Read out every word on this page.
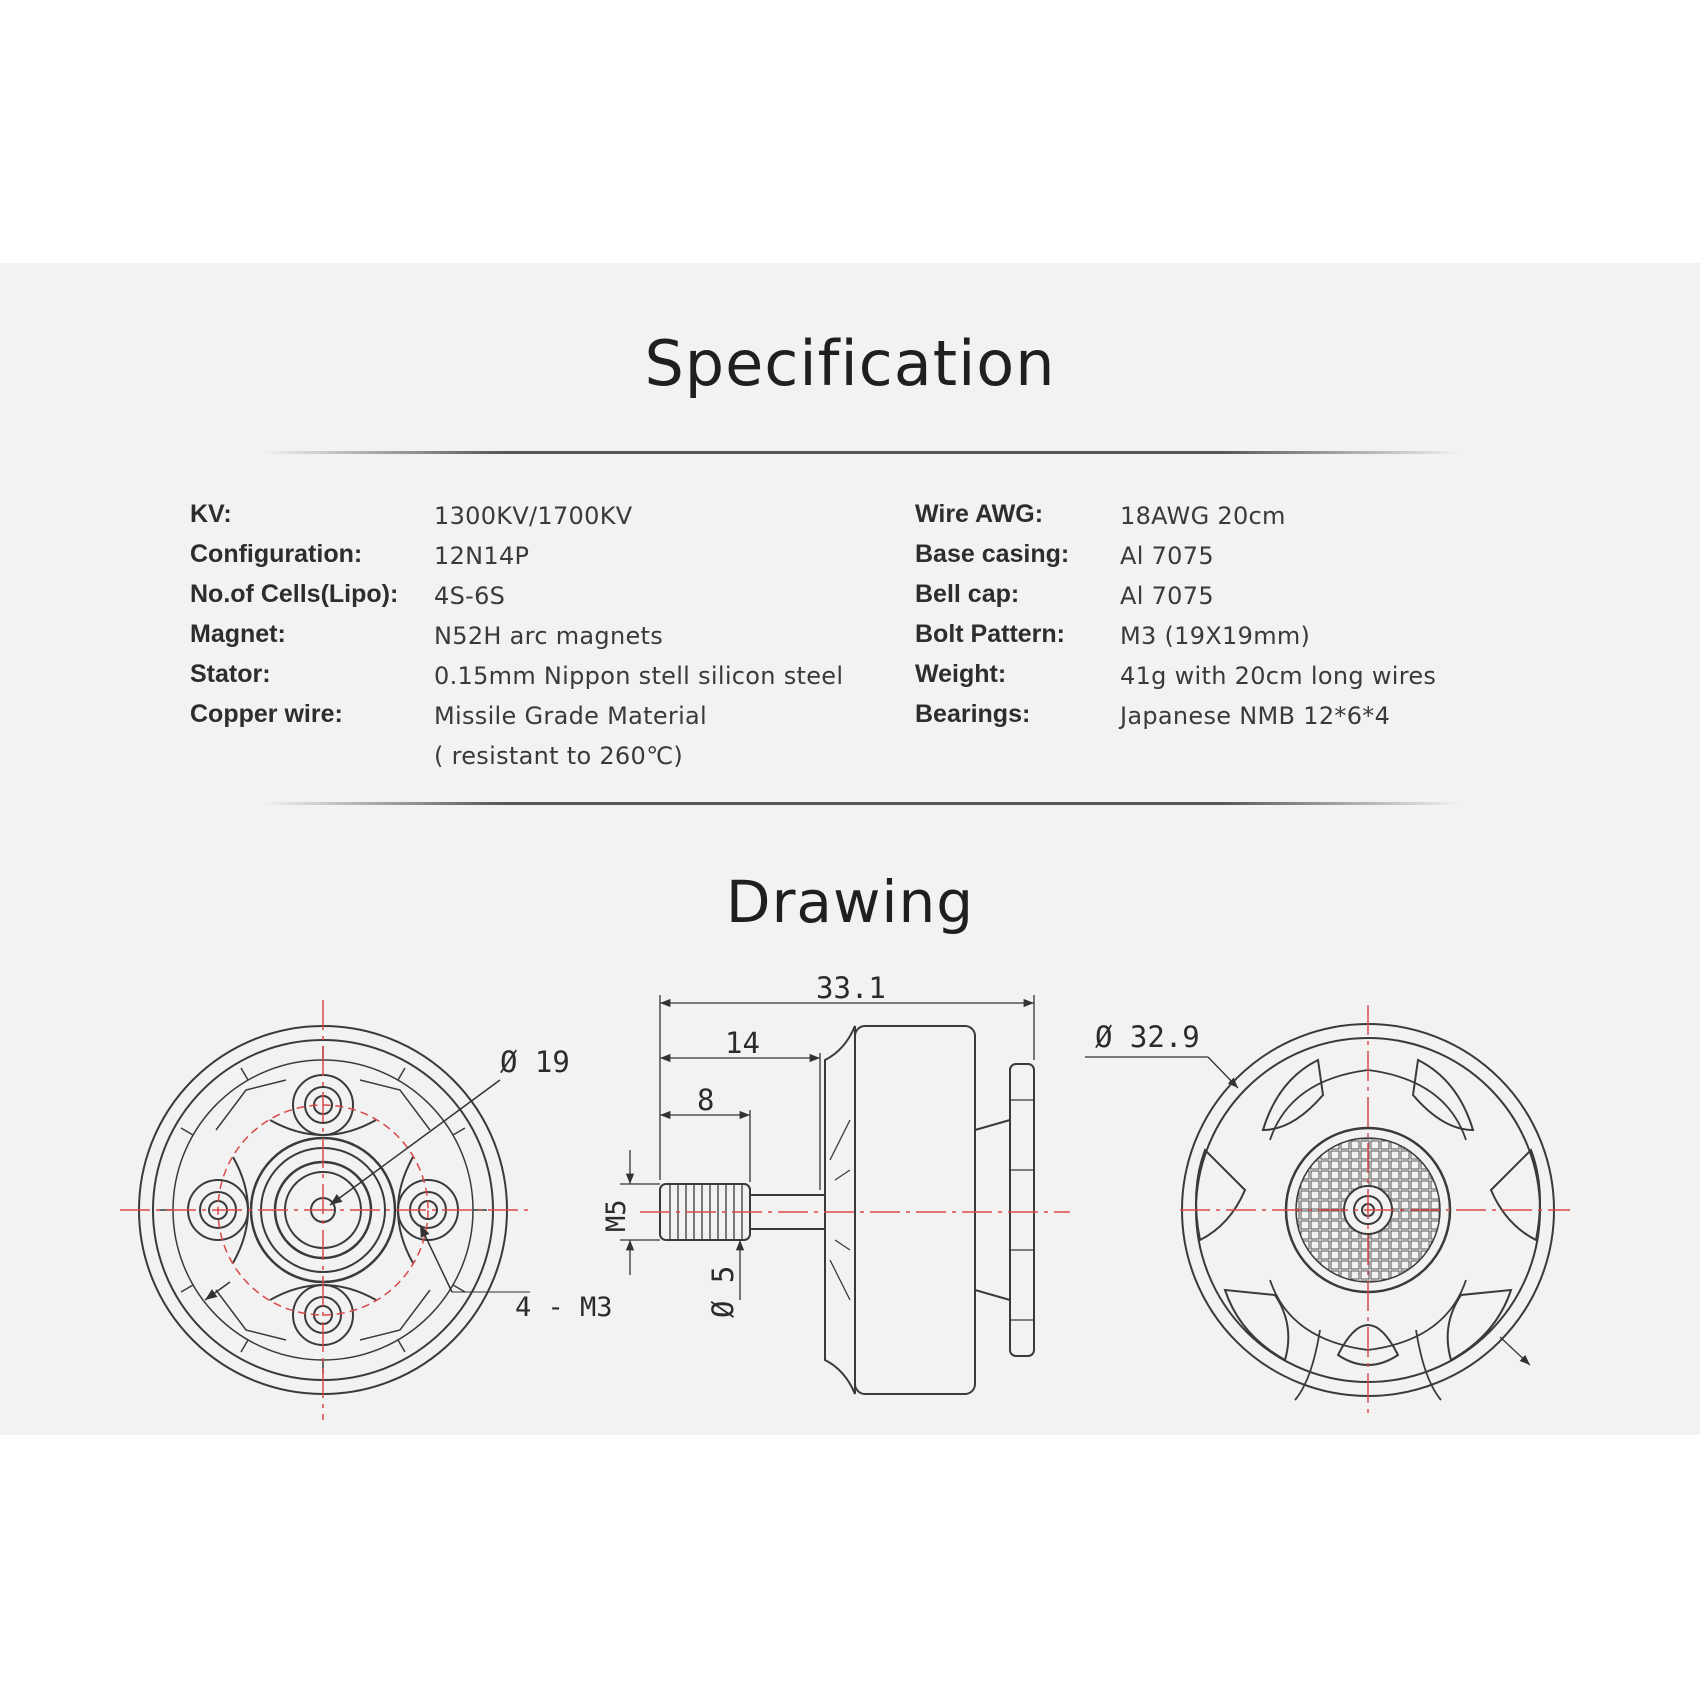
Specification
KV:	1300KV/1700KV
Configuration:	12N14P
No.of Cells(Lipo): 4S-6S
Magnet:	N52H arc magnets
Stator:	0.15mm Nippon stell silicon steel
Copper wire:	Missile Grade Material
( resistant to 260℃)
Wire AWG:	18AWG 20cm
Base casing: Al 7075
Bell cap:	Al 7075
Bolt Pattern: M3 (19X19mm)
Weight:	41g with 20cm long wires
Bearings:	Japanese NMB 12*6*4
Drawing
Ø 19
4 - M3
33.1
14
8
M5
Ø 5
Ø 32.9
